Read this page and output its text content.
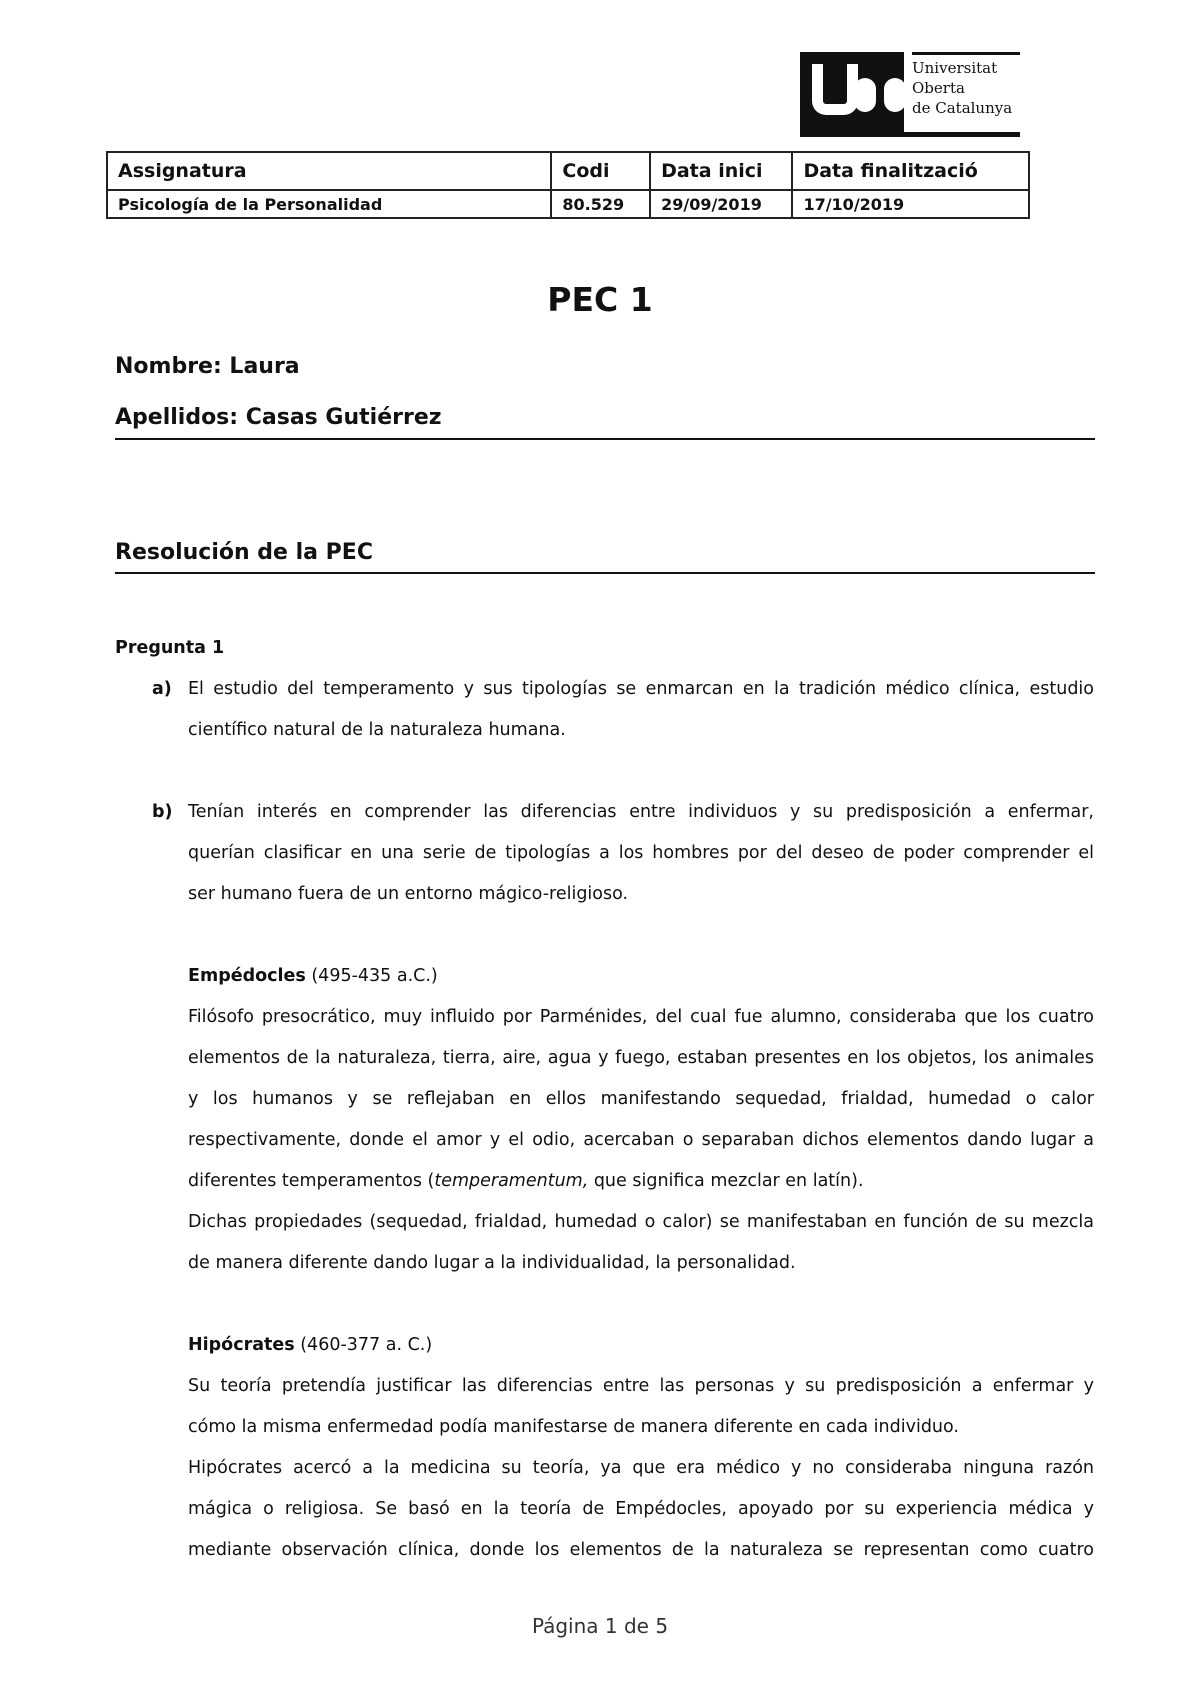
Universitat
Oberta
de Catalunya
Assignatura	Codi	Data inici	Data finalització
Psicología de la Personalidad	80.529	29/09/2019	17/10/2019
PEC 1
Nombre: Laura
Apellidos: Casas Gutiérrez
Resolución de la PEC
Pregunta 1
a) El estudio del temperamento y sus tipologías se enmarcan en la tradición médico clínica, estudio
científico natural de la naturaleza humana.
b) Tenían interés en comprender las diferencias entre individuos y su predisposición a enfermar,
querían clasificar en una serie de tipologías a los hombres por del deseo de poder comprender el
ser humano fuera de un entorno mágico-religioso.
Empédocles (495-435 a.C.)
Filósofo presocrático, muy influido por Parménides, del cual fue alumno, consideraba que los cuatro
elementos de la naturaleza, tierra, aire, agua y fuego, estaban presentes en los objetos, los animales
y los humanos y se reflejaban en ellos manifestando sequedad, frialdad, humedad o calor
respectivamente, donde el amor y el odio, acercaban o separaban dichos elementos dando lugar a
diferentes temperamentos (temperamentum, que significa mezclar en latín).
Dichas propiedades (sequedad, frialdad, humedad o calor) se manifestaban en función de su mezcla
de manera diferente dando lugar a la individualidad, la personalidad.
Hipócrates (460-377 a. C.)
Su teoría pretendía justificar las diferencias entre las personas y su predisposición a enfermar y
cómo la misma enfermedad podía manifestarse de manera diferente en cada individuo.
Hipócrates acercó a la medicina su teoría, ya que era médico y no consideraba ninguna razón
mágica o religiosa. Se basó en la teoría de Empédocles, apoyado por su experiencia médica y
mediante observación clínica, donde los elementos de la naturaleza se representan como cuatro
Página 1 de 5
